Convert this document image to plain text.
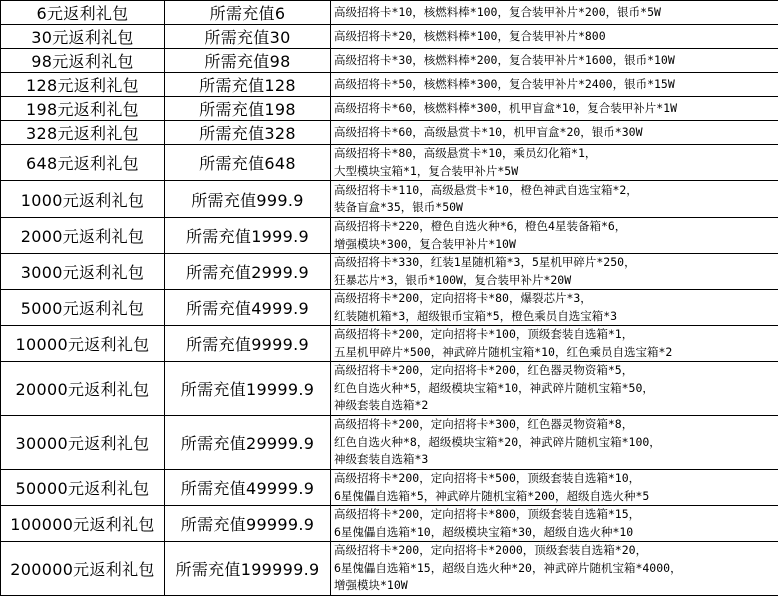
6元返利礼包	所需充值6	高级招将卡*10，核燃料棒*100，复合装甲补片*200，银币*5W

30元返利礼包	所需充值30	高级招将卡*20，核燃料棒*100，复合装甲补片*800

98元返利礼包	所需充值98	高级招将卡*30，核燃料棒*200，复合装甲补片*1600，银币*10W

128元返利礼包	所需充值128	高级招将卡*50，核燃料棒*300，复合装甲补片*2400，银币*15W

198元返利礼包	所需充值198	高级招将卡*60，核燃料棒*300，机甲盲盒*10，复合装甲补片*1W

328元返利礼包	所需充值328	高级招将卡*60，高级悬赏卡*10，机甲盲盒*20，银币*30W

648元返利礼包	所需充值648	高级招将卡*80，高级悬赏卡*10，乘员幻化箱*1，
大型模块宝箱*1，复合装甲补片*5W

1000元返利礼包	所需充值999.9	高级招将卡*110，高级悬赏卡*10，橙色神武自选宝箱*2，
装备盲盒*35，银币*50W

2000元返利礼包	所需充值1999.9	高级招将卡*220，橙色自选火种*6，橙色4星装备箱*6，
增强模块*300，复合装甲补片*10W

3000元返利礼包	所需充值2999.9	高级招将卡*330，红装1星随机箱*3，5星机甲碎片*250，
狂暴芯片*3，银币*100W，复合装甲补片*20W

5000元返利礼包	所需充值4999.9	高级招将卡*200，定向招将卡*80，爆裂芯片*3，
红装随机箱*3，超级银币宝箱*5，橙色乘员自选宝箱*3

10000元返利礼包	所需充值9999.9	高级招将卡*200，定向招将卡*100，顶级套装自选箱*1，
五星机甲碎片*500，神武碎片随机宝箱*10，红色乘员自选宝箱*2

20000元返利礼包	所需充值19999.9	高级招将卡*200，定向招将卡*200，红色器灵物资箱*5，
红色自选火种*5，超级模块宝箱*10，神武碎片随机宝箱*50，
神级套装自选箱*2

30000元返利礼包	所需充值29999.9	高级招将卡*200，定向招将卡*300，红色器灵物资箱*8，
红色自选火种*8，超级模块宝箱*20，神武碎片随机宝箱*100，
神级套装自选箱*3

50000元返利礼包	所需充值49999.9	高级招将卡*200，定向招将卡*500，顶级套装自选箱*10，
6星傀儡自选箱*5，神武碎片随机宝箱*200，超级自选火种*5

100000元返利礼包	所需充值99999.9	高级招将卡*200，定向招将卡*800，顶级套装自选箱*15，
6星傀儡自选箱*10，超级模块宝箱*30，超级自选火种*10

200000元返利礼包	所需充值199999.9	高级招将卡*200，定向招将卡*2000，顶级套装自选箱*20，
6星傀儡自选箱*15，超级自选火种*20，神武碎片随机宝箱*4000，
增强模块*10W
